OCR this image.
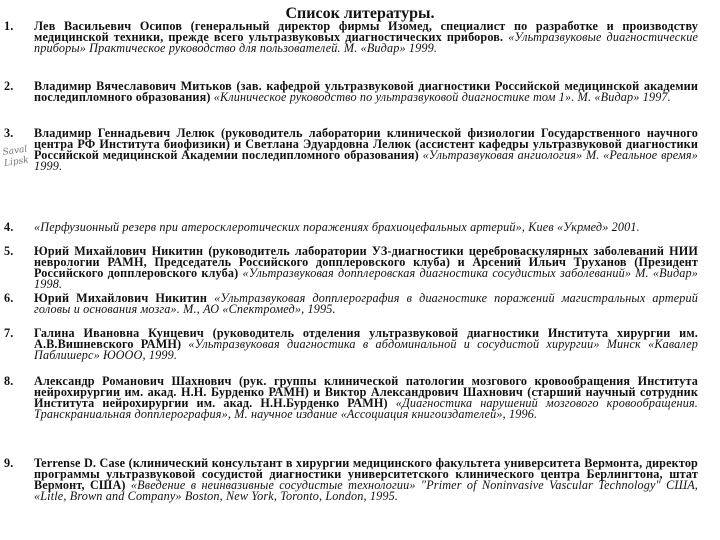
Список литературы.
Saval
Lipsk
1.	Лев Васильевич Осипов (генеральный директор фирмы Изомед, специалист по разработке и производству медицинской техники, прежде всего ультразвуковых диагностических приборов. «Ультразвуковые диагностические приборы» Практическое руководство для пользователей. М. «Видар» 1999.
2.	Владимир Вячеславович Митьков (зав. кафедрой ультразвуковой диагностики Российской медицинской академии последипломного образования) «Клиническое руководство по ультразвуковой диагностике том 1». М. «Видар» 1997.
3.	Владимир Геннадьевич Лелюк (руководитель лаборатории клинической физиологии Государственного научного центра РФ Института биофизики) и Светлана Эдуардовна Лелюк (ассистент кафедры ультразвуковой диагностики Российской медицинской Академии последипломного образования) «Ультразвуковая ангиология» М. «Реальное время» 1999.
4.	«Перфузионный резерв при атеросклеротических поражениях брахиоцефальных артерий», Киев «Укрмед» 2001.
5.	Юрий Михайлович Никитин (руководитель лаборатории УЗ-диагностики цереброваскулярных заболеваний НИИ неврологии РАМН, Председатель Российского допплеровского клуба) и Арсений Ильич Труханов (Президент Российского допплеровского клуба) «Ультразвуковая допплеровская диагностика сосудистых заболеваний» М. «Видар» 1998.
6.	Юрий Михайлович Никитин «Ультразвуковая допплерография в диагностике поражений магистральных артерий головы и основания мозга». М., АО «Спектромед», 1995.
7.	Галина Ивановна Кунцевич (руководитель отделения ультразвуковой диагностики Института хирургии им. А.В.Вишневского РАМН) «Ультразвуковая диагностика в абдоминальной и сосудистой хирургии» Минск «Кавалер Паблишерс» ЮООО, 1999.
8.	Александр Романович Шахнович (рук. группы клинической патологии мозгового кровообращения Института нейрохирургии им. акад. Н.Н. Бурденко РАМН) и Виктор Александрович Шахнович (старший научный сотрудник Института нейрохирургии им. акад. Н.Н.Бурденко РАМН) «Диагностика нарушений мозгового кровообращения. Транскраниальная допплерография», М. научное издание «Ассоциация книгоиздателей», 1996.
9.	Terrense D. Case (клинический консультант в хирургии медицинского факультета университета Вермонта, директор программы ультразвуковой сосудистой диагностики университетского клинического центра Берлингтона, штат Вермонт, США) «Введение в неинвазивные сосудистые технологии» "Primer of Noninvasive Vascular Technology" США, «Litle, Brown and Company» Boston, New York, Toronto, London, 1995.
